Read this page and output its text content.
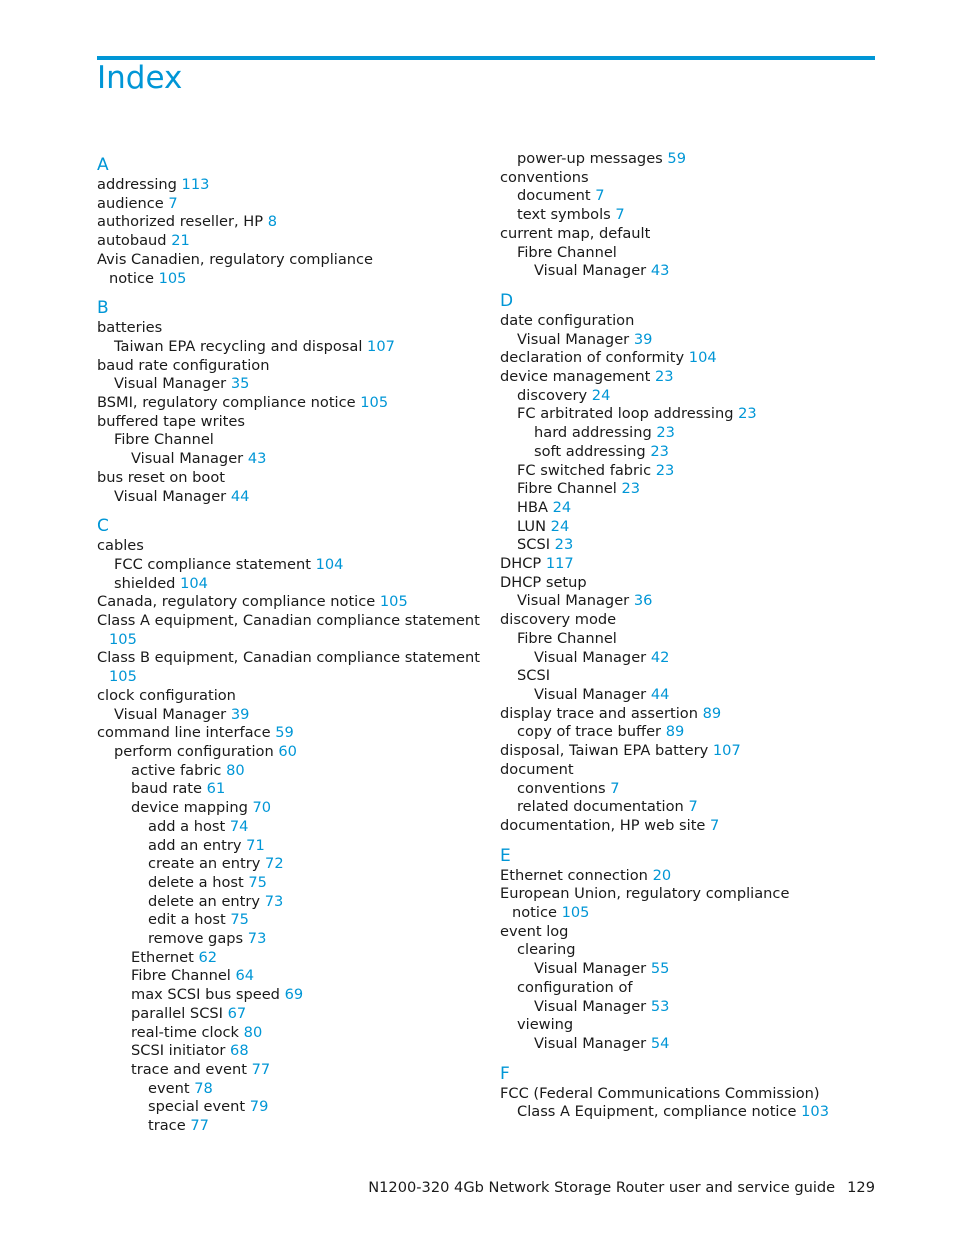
Index
A
addressing 113
audience 7
authorized reseller, HP 8
autobaud 21
Avis Canadien, regulatory compliance
notice 105
B
batteries
Taiwan EPA recycling and disposal 107
baud rate configuration
Visual Manager 35
BSMI, regulatory compliance notice 105
buffered tape writes
Fibre Channel
Visual Manager 43
bus reset on boot
Visual Manager 44
C
cables
FCC compliance statement 104
shielded 104
Canada, regulatory compliance notice 105
Class A equipment, Canadian compliance statement
105
Class B equipment, Canadian compliance statement
105
clock configuration
Visual Manager 39
command line interface 59
perform configuration 60
active fabric 80
baud rate 61
device mapping 70
add a host 74
add an entry 71
create an entry 72
delete a host 75
delete an entry 73
edit a host 75
remove gaps 73
Ethernet 62
Fibre Channel 64
max SCSI bus speed 69
parallel SCSI 67
real-time clock 80
SCSI initiator 68
trace and event 77
event 78
special event 79
trace 77
power-up messages 59
conventions
document 7
text symbols 7
current map, default
Fibre Channel
Visual Manager 43
D
date configuration
Visual Manager 39
declaration of conformity 104
device management 23
discovery 24
FC arbitrated loop addressing 23
hard addressing 23
soft addressing 23
FC switched fabric 23
Fibre Channel 23
HBA 24
LUN 24
SCSI 23
DHCP 117
DHCP setup
Visual Manager 36
discovery mode
Fibre Channel
Visual Manager 42
SCSI
Visual Manager 44
display trace and assertion 89
copy of trace buffer 89
disposal, Taiwan EPA battery 107
document
conventions 7
related documentation 7
documentation, HP web site 7
E
Ethernet connection 20
European Union, regulatory compliance
notice 105
event log
clearing
Visual Manager 55
configuration of
Visual Manager 53
viewing
Visual Manager 54
F
FCC (Federal Communications Commission)
Class A Equipment, compliance notice 103
N1200-320 4Gb Network Storage Router user and service guide 129
